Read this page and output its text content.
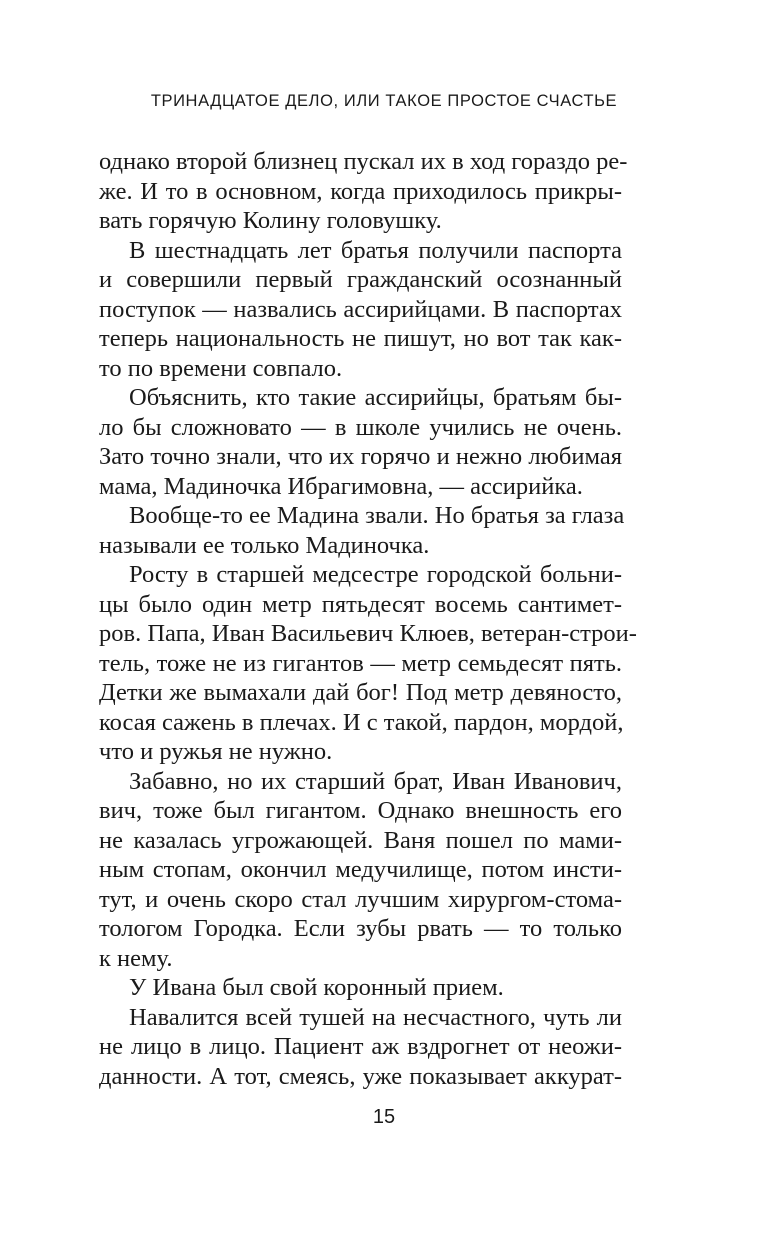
ТРИНАДЦАТОЕ ДЕЛО, ИЛИ ТАКОЕ ПРОСТОЕ СЧАСТЬЕ
однако второй близнец пускал их в ход гораздо ре-
же. И то в основном, когда приходилось прикры-
вать горячую Колину головушку.
В шестнадцать лет братья получили паспорта
и совершили первый гражданский осознанный
поступок — назвались ассирийцами. В паспортах
теперь национальность не пишут, но вот так как-
то по времени совпало.
Объяснить, кто такие ассирийцы, братьям бы-
ло бы сложновато — в школе учились не очень.
Зато точно знали, что их горячо и нежно любимая
мама, Мадиночка Ибрагимовна, — ассирийка.
Вообще-то ее Мадина звали. Но братья за глаза
называли ее только Мадиночка.
Росту в старшей медсестре городской больни-
цы было один метр пятьдесят восемь сантимет-
ров. Папа, Иван Васильевич Клюев, ветеран-строи-
тель, тоже не из гигантов — метр семьдесят пять.
Детки же вымахали дай бог! Под метр девяносто,
косая сажень в плечах. И с такой, пардон, мордой,
что и ружья не нужно.
Забавно, но их старший брат, Иван Иванович,
вич, тоже был гигантом. Однако внешность его
не казалась угрожающей. Ваня пошел по мами-
ным стопам, окончил медучилище, потом инсти-
тут, и очень скоро стал лучшим хирургом-стома-
тологом Городка. Если зубы рвать — то только
к нему.
У Ивана был свой коронный прием.
Навалится всей тушей на несчастного, чуть ли
не лицо в лицо. Пациент аж вздрогнет от неожи-
данности. А тот, смеясь, уже показывает аккурат-
15
